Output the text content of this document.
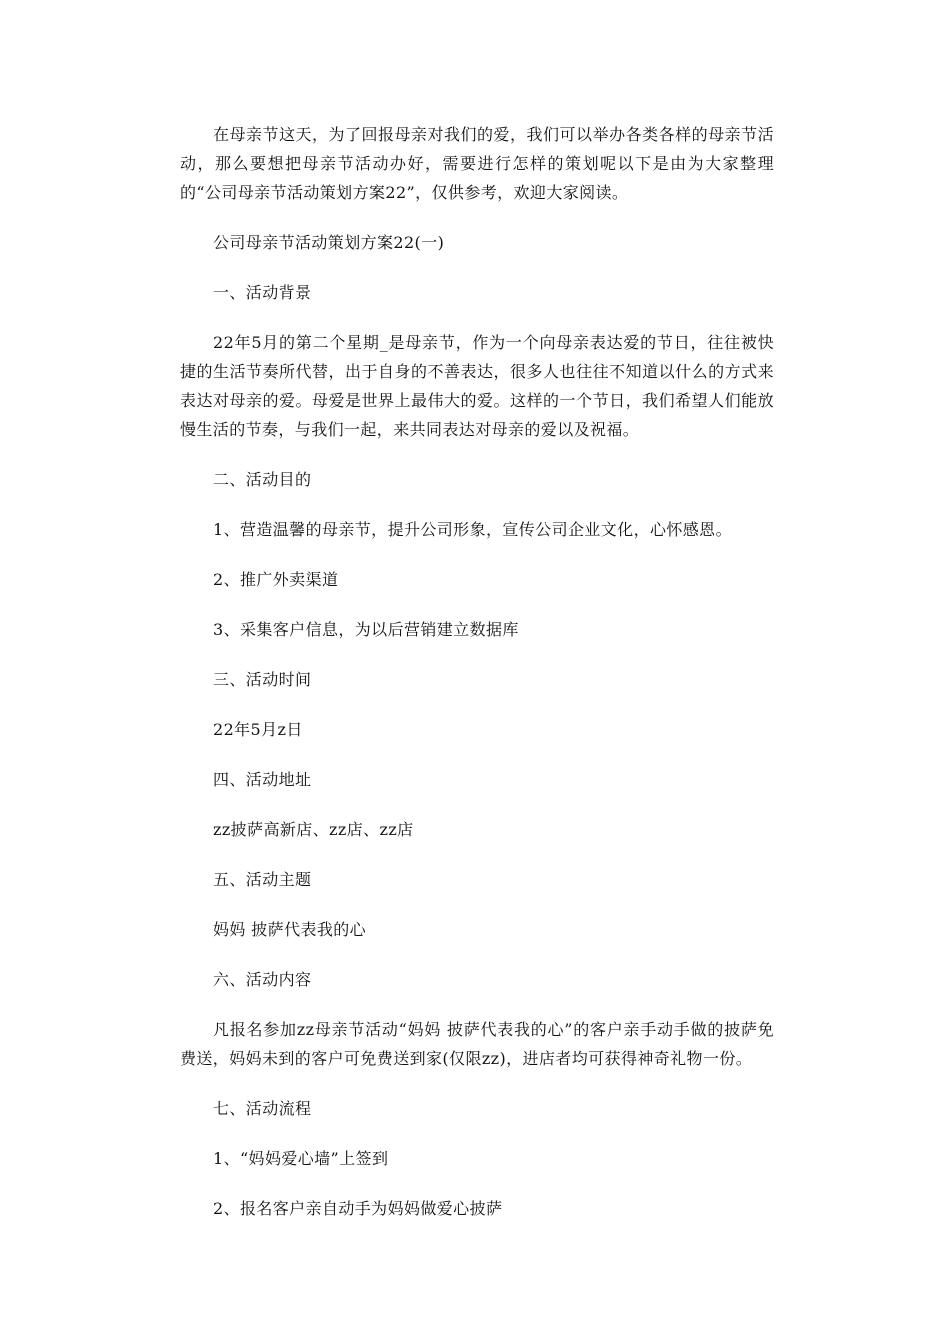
在母亲节这天，为了回报母亲对我们的爱，我们可以举办各类各样的母亲节活动，那么要想把母亲节活动办好，需要进行怎样的策划呢以下是由为大家整理的“公司母亲节活动策划方案22”，仅供参考，欢迎大家阅读。

公司母亲节活动策划方案22(一)

一、活动背景

22年5月的第二个星期_是母亲节，作为一个向母亲表达爱的节日，往往被快捷的生活节奏所代替，出于自身的不善表达，很多人也往往不知道以什么的方式来表达对母亲的爱。母爱是世界上最伟大的爱。这样的一个节日，我们希望人们能放慢生活的节奏，与我们一起，来共同表达对母亲的爱以及祝福。

二、活动目的

1、营造温馨的母亲节，提升公司形象，宣传公司企业文化，心怀感恩。

2、推广外卖渠道

3、采集客户信息，为以后营销建立数据库

三、活动时间

22年5月z日

四、活动地址

zz披萨高新店、zz店、zz店

五、活动主题

妈妈 披萨代表我的心

六、活动内容

凡报名参加zz母亲节活动“妈妈 披萨代表我的心”的客户亲手动手做的披萨免费送，妈妈未到的客户可免费送到家(仅限zz)，进店者均可获得神奇礼物一份。

七、活动流程

1、“妈妈爱心墙”上签到

2、报名客户亲自动手为妈妈做爱心披萨
